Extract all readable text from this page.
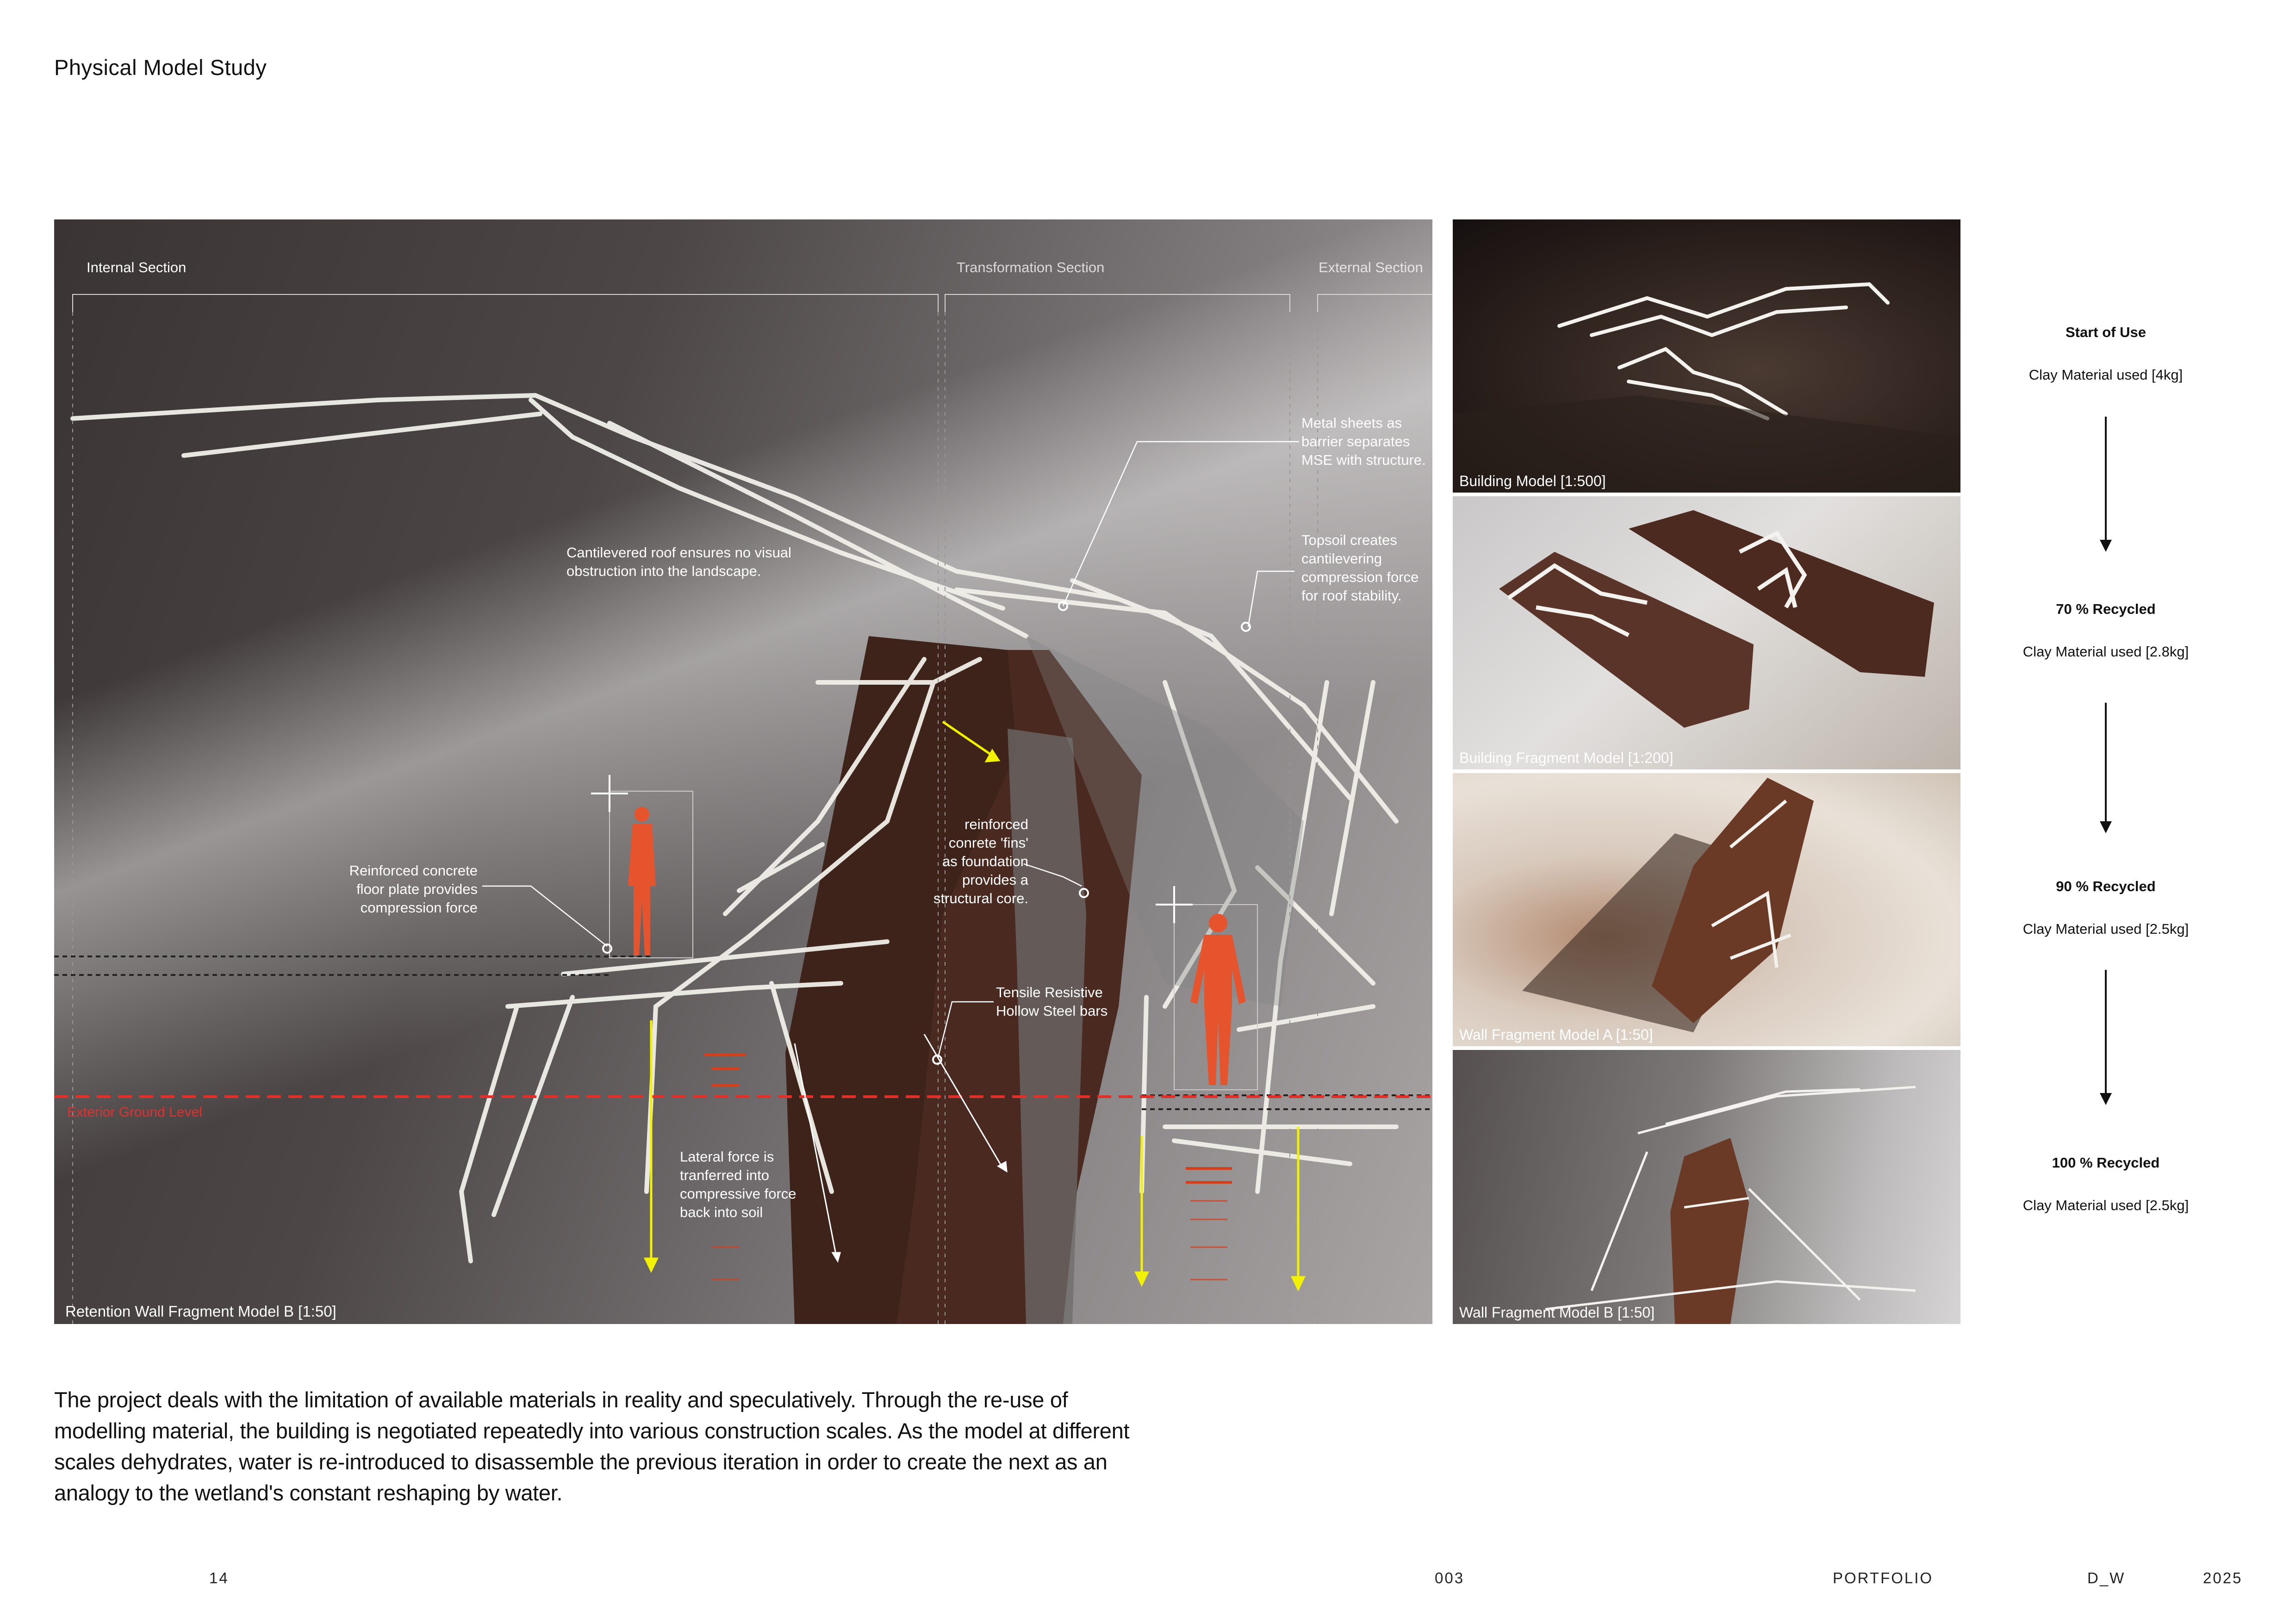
Physical Model Study
Internal Section	Transformation Section	External Section
Metal sheets as
barrier separates
MSE with structure.
Cantilevered roof ensures no visual
obstruction into the landscape.
Topsoil creates
cantilevering
compression force
for roof stability.
reinforced
conrete 'fins'
as foundation
provides a
structural core.
Reinforced concrete
floor plate provides
compression force
Tensile Resistive
Hollow Steel bars
Lateral force is
tranferred into
compressive force
back into soil
Exterior Ground Level
Retention Wall Fragment Model B [1:50]
Building Model [1:500]
Building Fragment Model [1:200]
Wall Fragment Model A [1:50]
Wall Fragment Model B [1:50]
Start of Use
Clay Material used [4kg]
70 % Recycled
Clay Material used [2.8kg]
90 % Recycled
Clay Material used [2.5kg]
100 % Recycled
Clay Material used [2.5kg]
The project deals with the limitation of available materials in reality and speculatively. Through the re-use of modelling material, the building is negotiated repeatedly into various construction scales. As the model at different scales dehydrates, water is re-introduced to disassemble the previous iteration in order to create the next as an analogy to the wetland's constant reshaping by water.
14	003	PORTFOLIO	D_W	2025
